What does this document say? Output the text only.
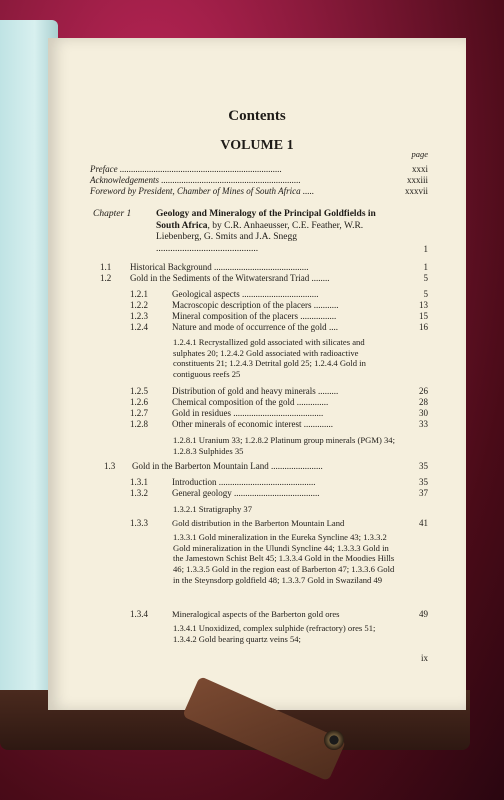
Contents
VOLUME 1
page
Preface ........................................................................	xxxi
Acknowledgements ..............................................................	xxxiii
Foreword by President, Chamber of Mines of South Africa .....	xxxvii
Chapter 1	Geology and Mineralogy of the Principal Goldfields in South Africa, by C.R. Anhaeusser, C.E. Feather, W.R. Liebenberg, G. Smits and J.A. Snegg ...........................................	1
1.1 Historical Background ..........................................	1
1.2 Gold in the Sediments of the Witwatersrand Triad ........	5
1.2.1	Geological aspects ..................................	5
1.2.2	Macroscopic description of the placers ...........	13
1.2.3	Mineral composition of the placers ................	15
1.2.4	Nature and mode of occurrence of the gold ....	16
1.2.4.1 Recrystallized gold associated with silicates and sulphates 20; 1.2.4.2 Gold associated with radioactive constituents 21; 1.2.4.3 Detrital gold 25; 1.2.4.4 Gold in contiguous reefs 25
1.2.5	Distribution of gold and heavy minerals .........	26
1.2.6	Chemical composition of the gold ..............	28
1.2.7	Gold in residues ........................................	30
1.2.8	Other minerals of economic interest .............	33
1.2.8.1 Uranium 33; 1.2.8.2 Platinum group minerals (PGM) 34; 1.2.8.3 Sulphides 35
1.3 Gold in the Barberton Mountain Land .......................	35
1.3.1	Introduction ...........................................	35
1.3.2	General geology ......................................	37
1.3.2.1 Stratigraphy 37
1.3.3	Gold distribution in the Barberton Mountain Land	41
1.3.3.1 Gold mineralization in the Eureka Syncline 43; 1.3.3.2 Gold mineralization in the Ulundi Syncline 44; 1.3.3.3 Gold in the Jamestown Schist Belt 45; 1.3.3.4 Gold in the Moodies Hills 46; 1.3.3.5 Gold in the region east of Barberton 47; 1.3.3.6 Gold in the Steynsdorp goldfield 48; 1.3.3.7 Gold in Swaziland 49
1.3.4	Mineralogical aspects of the Barberton gold ores	49
1.3.4.1 Unoxidized, complex sulphide (refractory) ores 51; 1.3.4.2 Gold bearing quartz veins 54;
ix
